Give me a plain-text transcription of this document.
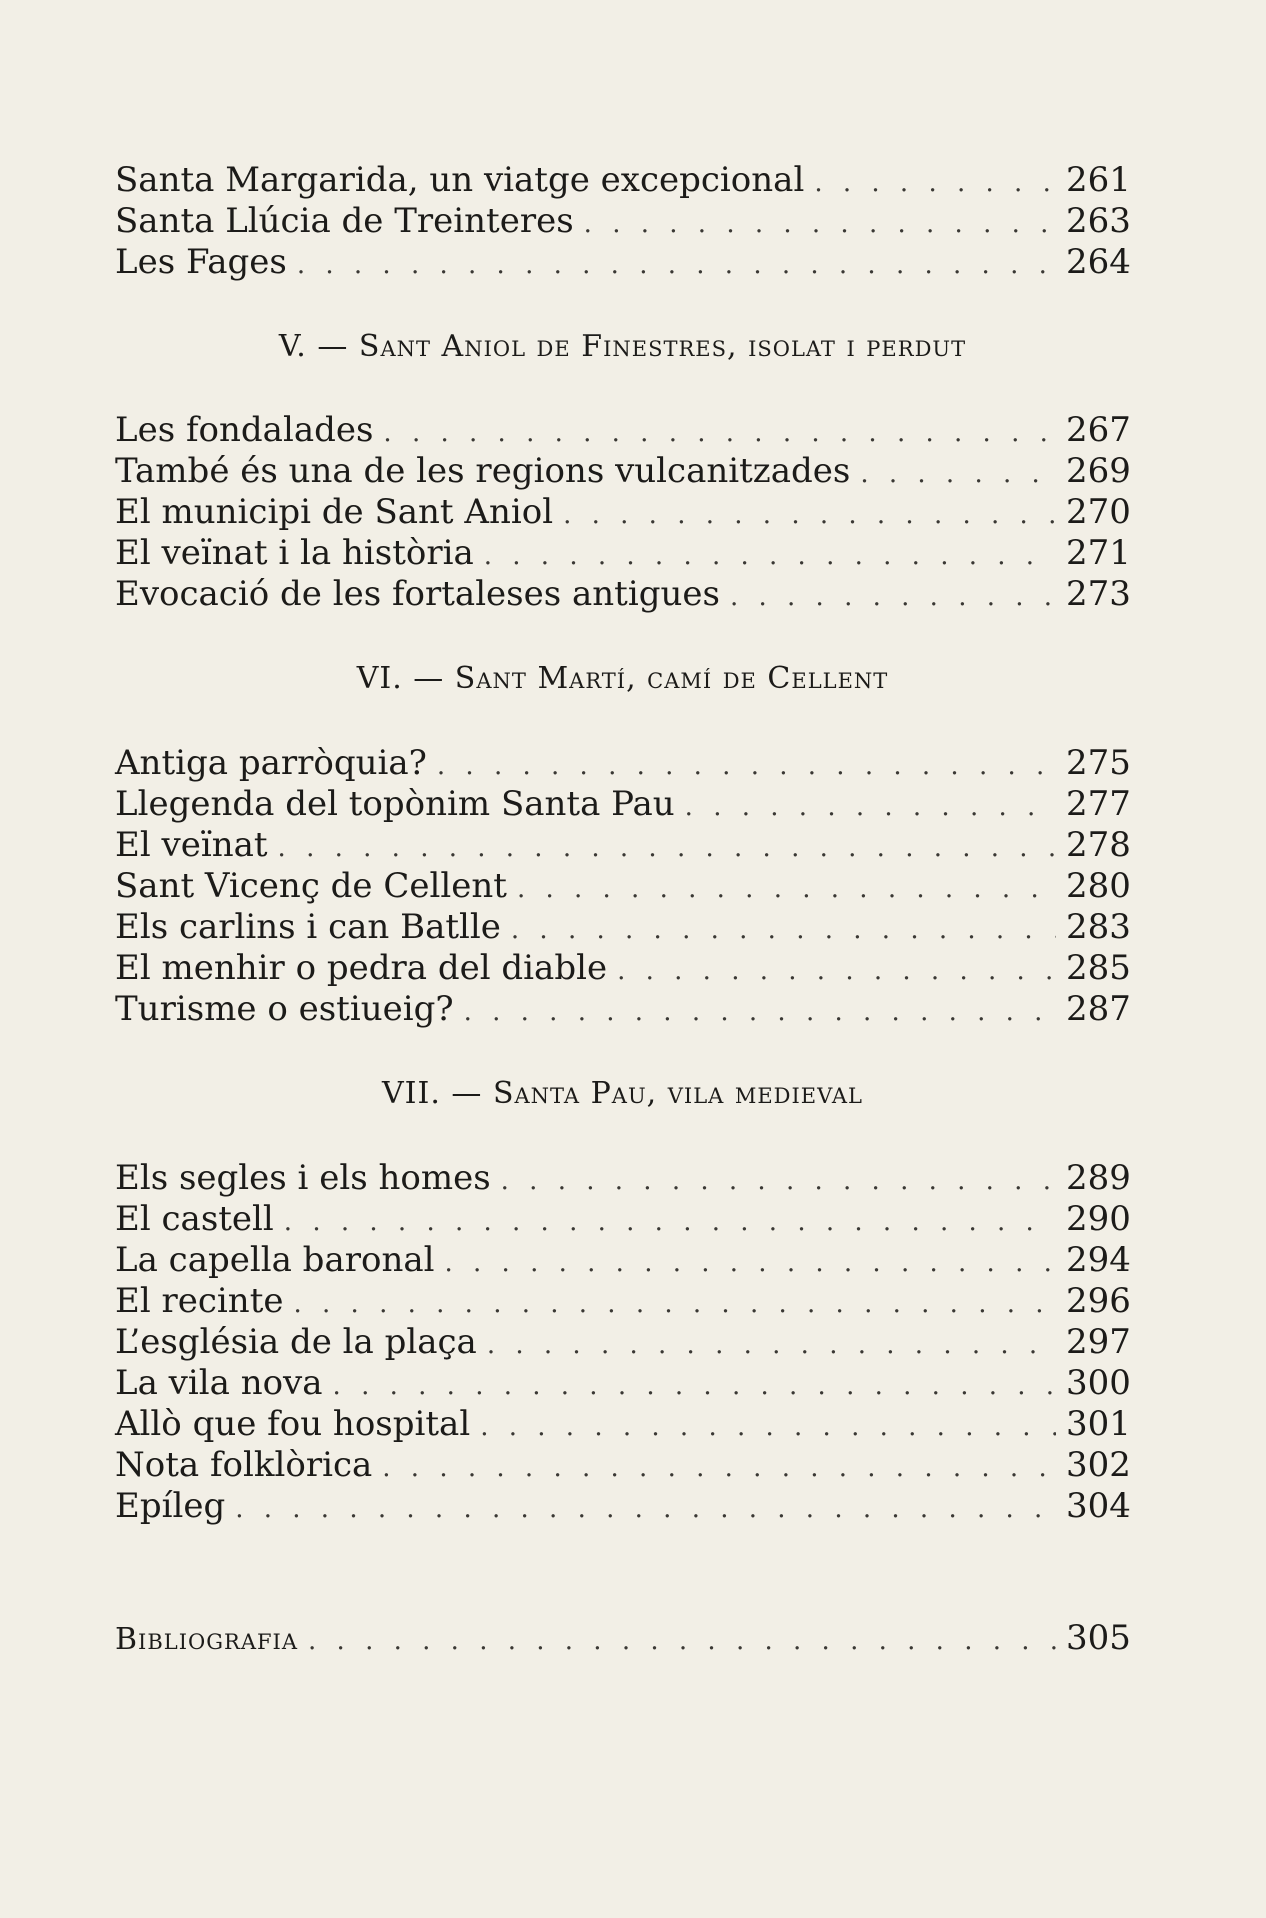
Santa Margarida, un viatge excepcional . . .	261
Santa Llúcia de Treinteres . . .	263
Les Fages . . .	264
V. — Sant Aniol de Finestres, isolat i perdut
Les fondalades . . .	267
També és una de les regions vulcanitzades . . .	269
El municipi de Sant Aniol . . .	270
El veïnat i la història . . .	271
Evocació de les fortaleses antigues . . .	273
VI. — Sant Martí, camí de Cellent
Antiga parròquia? . . .	275
Llegenda del topònim Santa Pau . . .	277
El veïnat . . .	278
Sant Vicenç de Cellent . . .	280
Els carlins i can Batlle . . .	283
El menhir o pedra del diable . . .	285
Turisme o estiueig? . . .	287
VII. — Santa Pau, vila medieval
Els segles i els homes . . .	289
El castell . . .	290
La capella baronal . . .	294
El recinte . . .	296
L’església de la plaça . . .	297
La vila nova . . .	300
Allò que fou hospital . . .	301
Nota folklòrica . . .	302
Epíleg . . .	304
Bibliografia . . .	305
